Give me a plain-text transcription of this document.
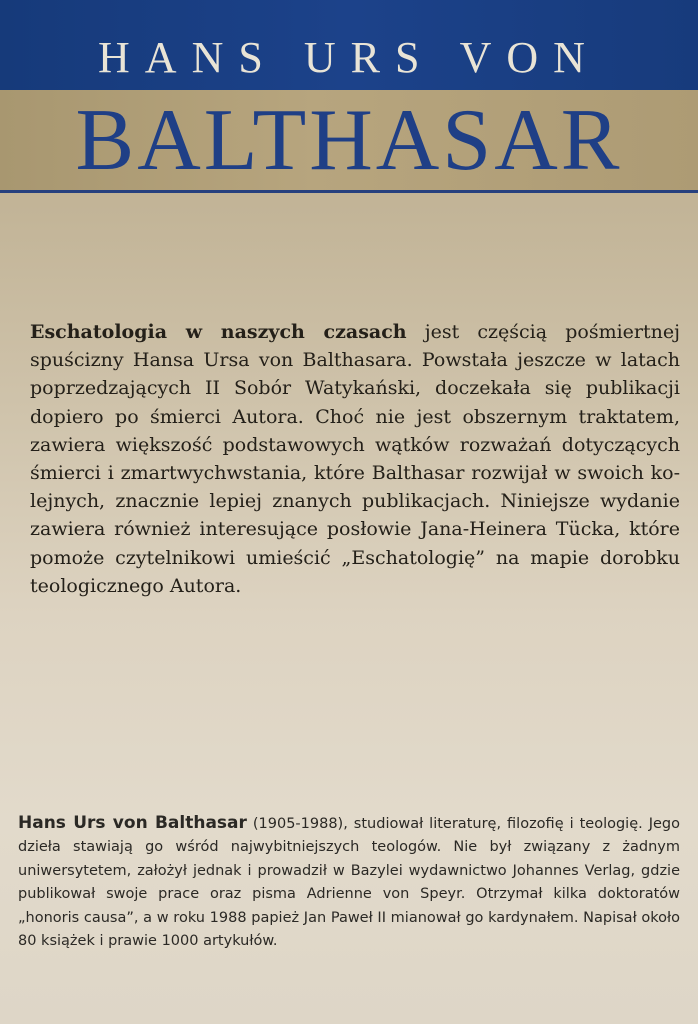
HANS URS VON
BALTHASAR

Eschatologia w naszych czasach jest częścią pośmiertnej spuścizny Hansa Ursa von Balthasara. Powstała jeszcze w latach poprzedzających II Sobór Watykański, doczekała się publikacji dopiero po śmierci Autora. Choć nie jest obszernym traktatem, zawiera większość podstawowych wątków rozważań dotyczących śmierci i zmartwychwstania, które Balthasar rozwijał w swoich kolejnych, znacznie lepiej znanych publikacjach. Niniejsze wydanie zawiera również interesujące posłowie Jana-Heinera Tücka, które pomoże czytelnikowi umieścić „Eschatologię” na mapie dorobku teologicznego Autora.

Hans Urs von Balthasar (1905-1988), studiował literaturę, filozofię i teologię. Jego dzieła stawiają go wśród najwybitniejszych teologów. Nie był związany z żadnym uniwersytetem, założył jednak i prowadził w Bazylei wydawnictwo Johannes Verlag, gdzie publikował swoje prace oraz pisma Adrienne von Speyr. Otrzymał kilka doktoratów „honoris causa”, a w roku 1988 papież Jan Paweł II mianował go kardynałem. Napisał około 80 książek i prawie 1000 artykułów.
